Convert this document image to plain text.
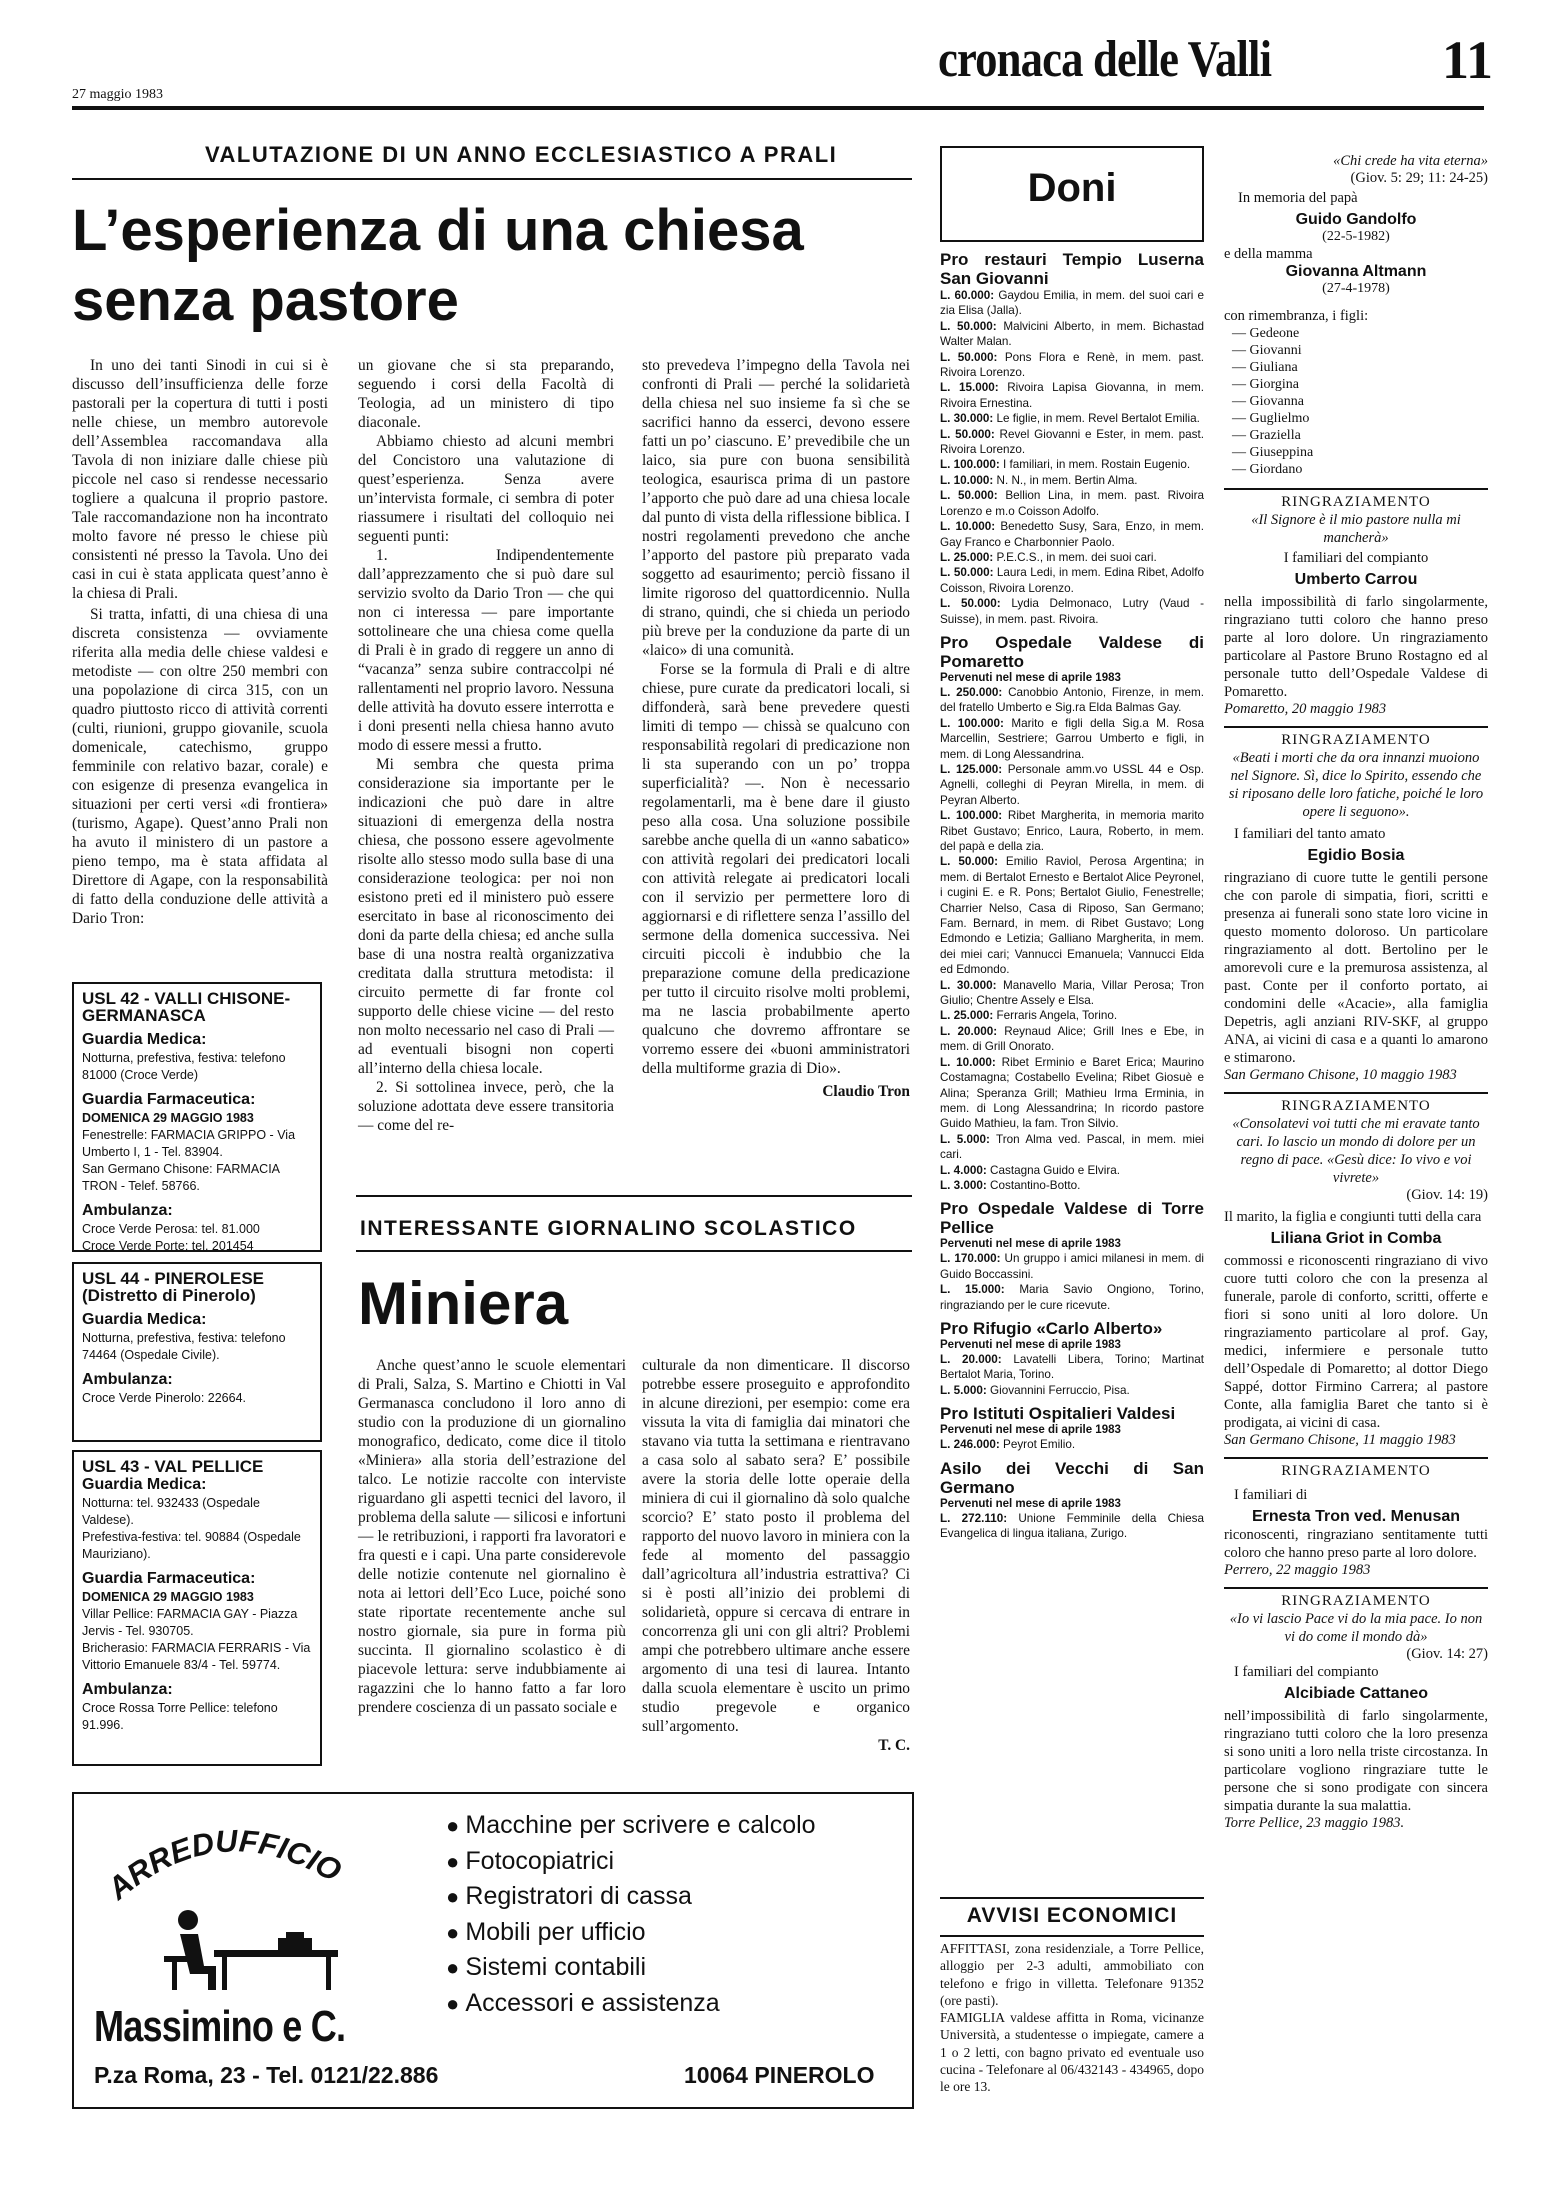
27 maggio 1983
cronaca delle Valli	11
VALUTAZIONE DI UN ANNO ECCLESIASTICO A PRALI
L’esperienza di una chiesa
senza pastore

In uno dei tanti Sinodi in cui si è discusso dell’insufficienza delle forze pastorali per la copertura di tutti i posti nelle chiese, un membro autorevole dell’Assemblea raccomandava alla Tavola di non iniziare dalle chiese più piccole nel caso si rendesse necessario togliere a qualcuna il proprio pastore. Tale raccomandazione non ha incontrato molto favore né presso le chiese più consistenti né presso la Tavola. Uno dei casi in cui è stata applicata quest’anno è la chiesa di Prali.

Si tratta, infatti, di una chiesa di una discreta consistenza — ovviamente riferita alla media delle chiese valdesi e metodiste — con oltre 250 membri con una popolazione di circa 315, con un quadro piuttosto ricco di attività correnti (culti, riunioni, gruppo giovanile, scuola domenicale, catechismo, gruppo femminile con relativo bazar, corale) e con esigenze di presenza evangelica in situazioni per certi versi «di frontiera» (turismo, Agape). Quest’anno Prali non ha avuto il ministero di un pastore a pieno tempo, ma è stata affidata al Direttore di Agape, con la responsabilità di fatto della conduzione delle attività a Dario Tron:

un giovane che si sta preparando, seguendo i corsi della Facoltà di Teologia, ad un ministero di tipo diaconale.

Abbiamo chiesto ad alcuni membri del Concistoro una valutazione di quest’esperienza. Senza avere un’intervista formale, ci sembra di poter riassumere i risultati del colloquio nei seguenti punti:

1. Indipendentemente dall’apprezzamento che si può dare sul servizio svolto da Dario Tron — che qui non ci interessa — pare importante sottolineare che una chiesa come quella di Prali è in grado di reggere un anno di “vacanza” senza subire contraccolpi né rallentamenti nel proprio lavoro. Nessuna delle attività ha dovuto essere interrotta e i doni presenti nella chiesa hanno avuto modo di essere messi a frutto.

Mi sembra che questa prima considerazione sia importante per le indicazioni che può dare in altre situazioni di emergenza della nostra chiesa, che possono essere agevolmente risolte allo stesso modo sulla base di una considerazione teologica: per noi non esistono preti ed il ministero può essere esercitato in base al riconoscimento dei doni da parte della chiesa; ed anche sulla base di una nostra realtà organizzativa creditata dalla struttura metodista: il circuito permette di far fronte col supporto delle chiese vicine — del resto non molto necessario nel caso di Prali — ad eventuali bisogni non coperti all’interno della chiesa locale.

2. Si sottolinea invece, però, che la soluzione adottata deve essere transitoria — come del re-

sto prevedeva l’impegno della Tavola nei confronti di Prali — perché la solidarietà della chiesa nel suo insieme fa sì che se sacrifici hanno da esserci, devono essere fatti un po’ ciascuno. E’ prevedibile che un laico, sia pure con buona sensibilità teologica, esaurisca prima di un pastore l’apporto che può dare ad una chiesa locale dal punto di vista della riflessione biblica. I nostri regolamenti prevedono che anche l’apporto del pastore più preparato vada soggetto ad esaurimento; perciò fissano il limite rigoroso del quattordicennio. Nulla di strano, quindi, che si chieda un periodo più breve per la conduzione da parte di un «laico» di una comunità.

Forse se la formula di Prali e di altre chiese, pure curate da predicatori locali, si diffonderà, sarà bene prevedere questi limiti di tempo — chissà se qualcuno con responsabilità regolari di predicazione non li sta superando con un po’ troppa superficialità? —. Non è necessario regolamentarli, ma è bene dare il giusto peso alla cosa. Una soluzione possibile sarebbe anche quella di un «anno sabatico» con attività regolari dei predicatori locali con attività relegate ai predicatori locali con il servizio per permettere loro di aggiornarsi e di riflettere senza l’assillo del sermone della domenica successiva. Nei circuiti piccoli è indubbio che la preparazione comune della predicazione per tutto il circuito risolve molti problemi, ma ne lascia probabilmente aperto qualcuno che dovremo affrontare se vorremo essere dei «buoni amministratori della multiforme grazia di Dio».

Claudio Tron
USL 42 - VALLI CHISONE-GERMANASCA
Guardia Medica:
Notturna, prefestiva, festiva: telefono 81000 (Croce Verde)
Guardia Farmaceutica:
DOMENICA 29 MAGGIO 1983
Fenestrelle: FARMACIA GRIPPO - Via Umberto I, 1 - Tel. 83904.
San Germano Chisone: FARMACIA TRON - Telef. 58766.
Ambulanza:
Croce Verde Perosa: tel. 81.000
Croce Verde Porte: tel. 201454
USL 44 - PINEROLESE (Distretto di Pinerolo)
Guardia Medica:
Notturna, prefestiva, festiva: telefono 74464 (Ospedale Civile).
Ambulanza:
Croce Verde Pinerolo: 22664.
USL 43 - VAL PELLICE
Guardia Medica:
Notturna: tel. 932433 (Ospedale Valdese).
Prefestiva-festiva: tel. 90884 (Ospedale Mauriziano).
Guardia Farmaceutica:
DOMENICA 29 MAGGIO 1983
Villar Pellice: FARMACIA GAY - Piazza Jervis - Tel. 930705.
Bricherasio: FARMACIA FERRARIS - Via Vittorio Emanuele 83/4 - Tel. 59774.
Ambulanza:
Croce Rossa Torre Pellice: telefono 91.996.
INTERESSANTE GIORNALINO SCOLASTICO
Miniera

Anche quest’anno le scuole elementari di Prali, Salza, S. Martino e Chiotti in Val Germanasca concludono il loro anno di studio con la produzione di un giornalino monografico, dedicato, come dice il titolo «Miniera» alla storia dell’estrazione del talco. Le notizie raccolte con interviste riguardano gli aspetti tecnici del lavoro, il problema della salute — silicosi e infortuni — le retribuzioni, i rapporti fra lavoratori e fra questi e i capi. Una parte considerevole delle notizie contenute nel giornalino è nota ai lettori dell’Eco Luce, poiché sono state riportate recentemente anche sul nostro giornale, sia pure in forma più succinta. Il giornalino scolastico è di piacevole lettura: serve indubbiamente ai ragazzini che lo hanno fatto a far loro prendere coscienza di un passato sociale e

culturale da non dimenticare. Il discorso potrebbe essere proseguito e approfondito in alcune direzioni, per esempio: come era vissuta la vita di famiglia dai minatori che stavano via tutta la settimana e rientravano a casa solo al sabato sera? E’ possibile avere la storia delle lotte operaie della miniera di cui il giornalino dà solo qualche scorcio? E’ stato posto il problema del rapporto del nuovo lavoro in miniera con la fede al momento del passaggio dall’agricoltura all’industria estrattiva? Ci si è posti all’inizio dei problemi di solidarietà, oppure si cercava di entrare in concorrenza gli uni con gli altri? Problemi ampi che potrebbero ultimare anche essere argomento di una tesi di laurea. Intanto dalla scuola elementare è uscito un primo studio pregevole e organico sull’argomento.

T. C.
ARREDUFFICIO
Massimino e C.
P.za Roma, 23 - Tel. 0121/22.886
● Macchine per scrivere e calcolo
● Fotocopiatrici
● Registratori di cassa
● Mobili per ufficio
● Sistemi contabili
● Accessori e assistenza
10064 PINEROLO
Doni
Pro restauri Tempio Luserna San Giovanni
L. 60.000: Gaydou Emilia, in mem. del suoi cari e zia Elisa (Jalla).
L. 50.000: Malvicini Alberto, in mem. Bichastad Walter Malan.
L. 50.000: Pons Flora e Renè, in mem. past. Rivoira Lorenzo.
L. 15.000: Rivoira Lapisa Giovanna, in mem. Rivoira Ernestina.
L. 30.000: Le figlie, in mem. Revel Bertalot Emilia.
L. 50.000: Revel Giovanni e Ester, in mem. past. Rivoira Lorenzo.
L. 100.000: I familiari, in mem. Rostain Eugenio.
L. 10.000: N. N., in mem. Bertin Alma.
L. 50.000: Bellion Lina, in mem. past. Rivoira Lorenzo e m.o Coisson Adolfo.
L. 10.000: Benedetto Susy, Sara, Enzo, in mem. Gay Franco e Charbonnier Paolo.
L. 25.000: P.E.C.S., in mem. dei suoi cari.
L. 50.000: Laura Ledi, in mem. Edina Ribet, Adolfo Coisson, Rivoira Lorenzo.
L. 50.000: Lydia Delmonaco, Lutry (Vaud - Suisse), in mem. past. Rivoira.
Pro Ospedale Valdese di Pomaretto
Pervenuti nel mese di aprile 1983
L. 250.000: Canobbio Antonio, Firenze, in mem. del fratello Umberto e Sig.ra Elda Balmas Gay.
L. 100.000: Marito e figli della Sig.a M. Rosa Marcellin, Sestriere; Garrou Umberto e figli, in mem. di Long Alessandrina.
L. 125.000: Personale amm.vo USSL 44 e Osp. Agnelli, colleghi di Peyran Mirella, in mem. di Peyran Alberto.
L. 100.000: Ribet Margherita, in memoria marito Ribet Gustavo; Enrico, Laura, Roberto, in mem. del papà e della zia.
L. 50.000: Emilio Raviol, Perosa Argentina; in mem. di Bertalot Ernesto e Bertalot Alice Peyronel, i cugini E. e R. Pons; Bertalot Giulio, Fenestrelle; Charrier Nelso, Casa di Riposo, San Germano; Fam. Bernard, in mem. di Ribet Gustavo; Long Edmondo e Letizia; Galliano Margherita, in mem. dei miei cari; Vannucci Emanuela; Vannucci Elda ed Edmondo.
L. 30.000: Manavello Maria, Villar Perosa; Tron Giulio; Chentre Assely e Elsa.
L. 25.000: Ferraris Angela, Torino.
L. 20.000: Reynaud Alice; Grill Ines e Ebe, in mem. di Grill Onorato.
L. 10.000: Ribet Erminio e Baret Erica; Maurino Costamagna; Costabello Evelina; Ribet Giosuè e Alina; Speranza Grill; Mathieu Irma Erminia, in mem. di Long Alessandrina; In ricordo pastore Guido Mathieu, la fam. Tron Silvio.
L. 5.000: Tron Alma ved. Pascal, in mem. miei cari.
L. 4.000: Castagna Guido e Elvira.
L. 3.000: Costantino-Botto.
Pro Ospedale Valdese di Torre Pellice
Pervenuti nel mese di aprile 1983
L. 170.000: Un gruppo i amici milanesi in mem. di Guido Boccassini.
L. 15.000: Maria Savio Ongiono, Torino, ringraziando per le cure ricevute.
Pro Rifugio «Carlo Alberto»
Pervenuti nel mese di aprile 1983
L. 20.000: Lavatelli Libera, Torino; Martinat Bertalot Maria, Torino.
L. 5.000: Giovannini Ferruccio, Pisa.
Pro Istituti Ospitalieri Valdesi
Pervenuti nel mese di aprile 1983
L. 246.000: Peyrot Emilio.
Asilo dei Vecchi di San Germano
Pervenuti nel mese di aprile 1983
L. 272.110: Unione Femminile della Chiesa Evangelica di lingua italiana, Zurigo.
AVVISI ECONOMICI
AFFITTASI, zona residenziale, a Torre Pellice, alloggio per 2-3 adulti, ammobiliato con telefono e frigo in villetta. Telefonare 91352 (ore pasti).
FAMIGLIA valdese affitta in Roma, vicinanze Università, a studentesse o impiegate, camere a 1 o 2 letti, con bagno privato ed eventuale uso cucina - Telefonare al 06/432143 - 434965, dopo le ore 13.
«Chi crede ha vita eterna»
(Giov. 5: 29; 11: 24-25)
In memoria del papà
Guido Gandolfo
(22-5-1982)
e della mamma
Giovanna Altmann
(27-4-1978)
con rimembranza, i figli:
— Gedeone
— Giovanni
— Giuliana
— Giorgina
— Giovanna
— Guglielmo
— Graziella
— Giuseppina
— Giordano
RINGRAZIAMENTO
«Il Signore è il mio pastore nulla mi mancherà»
I familiari del compianto
Umberto Carrou
nella impossibilità di farlo singolarmente, ringraziano tutti coloro che hanno preso parte al loro dolore. Un ringraziamento particolare al Pastore Bruno Rostagno ed al personale tutto dell’Ospedale Valdese di Pomaretto.
Pomaretto, 20 maggio 1983
RINGRAZIAMENTO
«Beati i morti che da ora innanzi muoiono nel Signore. Sì, dice lo Spirito, essendo che si riposano delle loro fatiche, poiché le loro opere li seguono».
I familiari del tanto amato
Egidio Bosia
ringraziano di cuore tutte le gentili persone che con parole di simpatia, fiori, scritti e presenza ai funerali sono state loro vicine in questo momento doloroso. Un particolare ringraziamento al dott. Bertolino per le amorevoli cure e la premurosa assistenza, al past. Conte per il conforto portato, ai condomini delle «Acacie», alla famiglia Depetris, agli anziani RIV-SKF, al gruppo ANA, ai vicini di casa e a quanti lo amarono e stimarono.
San Germano Chisone, 10 maggio 1983
RINGRAZIAMENTO
«Consolatevi voi tutti che mi eravate tanto cari. Io lascio un mondo di dolore per un regno di pace. «Gesù dice: Io vivo e voi vivrete»
(Giov. 14: 19)
Il marito, la figlia e congiunti tutti della cara
Liliana Griot in Comba
commossi e riconoscenti ringraziano di vivo cuore tutti coloro che con la presenza al funerale, parole di conforto, scritti, offerte e fiori si sono uniti al loro dolore. Un ringraziamento particolare al prof. Gay, medici, infermiere e personale tutto dell’Ospedale di Pomaretto; al dottor Diego Sappé, dottor Firmino Carrera; al pastore Conte, alla famiglia Baret che tanto si è prodigata, ai vicini di casa.
San Germano Chisone, 11 maggio 1983
RINGRAZIAMENTO
I familiari di
Ernesta Tron ved. Menusan
riconoscenti, ringraziano sentitamente tutti coloro che hanno preso parte al loro dolore.
Perrero, 22 maggio 1983
RINGRAZIAMENTO
«Io vi lascio Pace vi do la mia pace. Io non vi do come il mondo dà»
(Giov. 14: 27)
I familiari del compianto
Alcibiade Cattaneo
nell’impossibilità di farlo singolarmente, ringraziano tutti coloro che la loro presenza si sono uniti a loro nella triste circostanza. In particolare vogliono ringraziare tutte le persone che si sono prodigate con sincera simpatia durante la sua malattia.
Torre Pellice, 23 maggio 1983.
